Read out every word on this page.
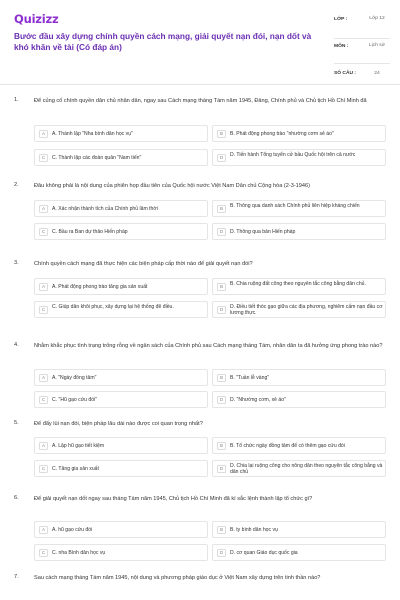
Quizizz
Bước đầu xây dựng chính quyền cách mạng, giải quyết nạn đói, nạn dốt và khó khăn về tài (Có đáp án)
LỚP :	Lớp 12
MÔN :	Lịch sử
SỐ CÂU :	24
1.	Để củng cố chính quyền dân chủ nhân dân, ngay sau Cách mạng tháng Tám năm 1945, Đảng, Chính phủ và Chủ tịch Hồ Chí Minh đã
A	A. Thành lập "Nha bình dân học vụ"	B	B. Phát động phong trào "nhường cơm sẻ áo"
C	C. Thành lập các đoàn quân "Nam tiến"	D	D. Tiến hành Tổng tuyển cử bầu Quốc hội trên cả nước
2.	Đâu không phải là nội dung của phiên họp đầu tiên của Quốc hội nước Việt Nam Dân chủ Cộng hòa (2-3-1946)
A	A. Xác nhận thành tích của Chính phủ lâm thời	B	B. Thông qua danh sách Chính phủ liên hiệp kháng chiến
C	C. Bầu ra Ban dự thảo Hiến pháp	D	D. Thông qua bản Hiến pháp
3.	Chính quyền cách mạng đã thực hiện các biện pháp cấp thời nào để giải quyết nạn đói?
A	A. Phát động phong trào tăng gia sản xuất	B	B. Chia ruộng đất công theo nguyên tắc công bằng dân chủ.
C	C. Giúp dân khôi phục, xây dựng lại hệ thống đê điều.	D	D. Điều tiết thóc gạo giữa các địa phương, nghiêm cấm nạn đầu cơ lương thực.
4.	Nhằm khắc phục tình trạng trống rỗng về ngân sách của Chính phủ sau Cách mạng tháng Tám, nhân dân ta đã hưởng ứng phong trào nào?
A	A. "Ngày đồng tâm"	B	B. "Tuần lễ vàng"
C	C. "Hũ gạo cứu đói"	D	D. "Nhường cơm, xẻ áo"
5.	Để đẩy lùi nạn đói, biện pháp lâu dài nào được coi quan trọng nhất?
A	A. Lập hũ gạo tiết kiệm	B	B. Tổ chức ngày đồng tâm để có thêm gạo cứu đói
C	C. Tăng gia sản xuất	D	D. Chia lại ruộng công cho nông dân theo nguyên tắc công bằng và dân chủ
6.	Để giải quyết nạn dốt ngay sau tháng Tám năm 1945, Chủ tịch Hồ Chí Minh đã kí sắc lệnh thành lập tổ chức gì?
A	A. hũ gạo cứu đói	B	B. ty bình dân học vụ
C	C. nha Bình dân học vụ	D	D. cơ quan Giáo dục quốc gia
7.	Sau cách mạng tháng Tám năm 1945, nội dung và phương pháp giáo dục ở Việt Nam xây dựng trên tinh thần nào?
